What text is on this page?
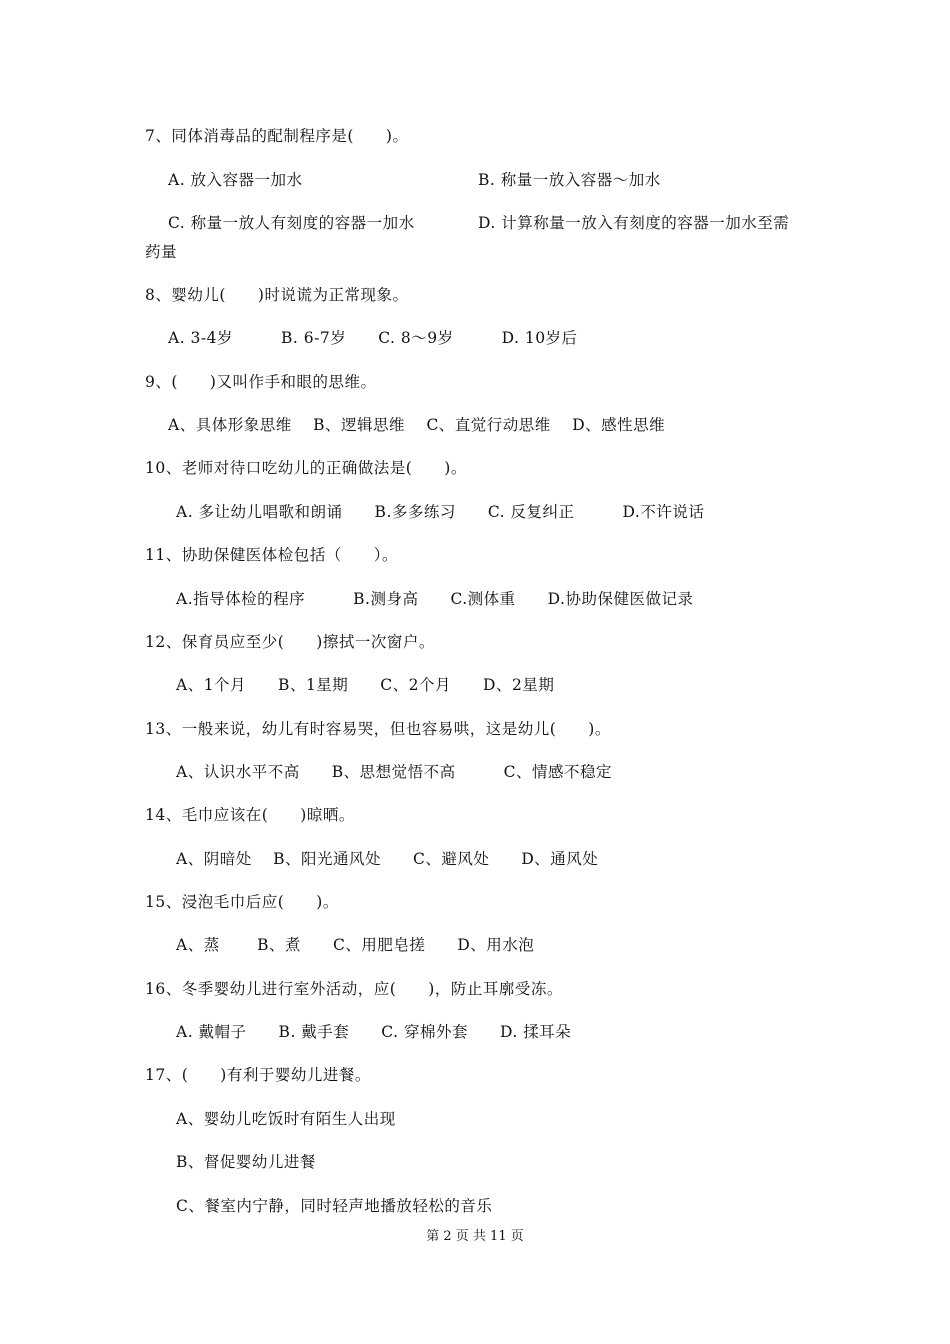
7、同体消毒品的配制程序是(　　)。
A. 放入容器一加水	B. 称量一放入容器～加水
C. 称量一放人有刻度的容器一加水	D. 计算称量一放入有刻度的容器一加水至需
药量
8、婴幼儿(　　)时说谎为正常现象。
A. 3-4岁　　　B. 6-7岁　　C. 8～9岁　　　D. 10岁后
9、(　　)又叫作手和眼的思维。
A、具体形象思维　 B、逻辑思维　 C、直觉行动思维　 D、感性思维
10、老师对待口吃幼儿的正确做法是(　　)。
A. 多让幼儿唱歌和朗诵　　B.多多练习　　C. 反复纠正　　　D.不许说话
11、协助保健医体检包括（　　）。
A.指导体检的程序　　　B.测身高　　C.测体重　　D.协助保健医做记录
12、保育员应至少(　　)擦拭一次窗户。
A、1个月　　B、1星期　　C、2个月　　D、2星期
13、一般来说，幼儿有时容易哭，但也容易哄，这是幼儿(　　)。
A、认识水平不高　　B、思想觉悟不高　　　C、情感不稳定
14、毛巾应该在(　　)晾晒。
A、阴暗处　 B、阳光通风处　　C、避风处　　D、通风处
15、浸泡毛巾后应(　　)。
A、蒸　　 B、煮　　C、用肥皂搓　　D、用水泡
16、冬季婴幼儿进行室外活动，应(　　)，防止耳廓受冻。
A. 戴帽子　　B. 戴手套　　C. 穿棉外套　　D. 揉耳朵
17、(　　)有利于婴幼儿进餐。
A、婴幼儿吃饭时有陌生人出现
B、督促婴幼儿进餐
C、餐室内宁静，同时轻声地播放轻松的音乐
第 2 页 共 11 页
